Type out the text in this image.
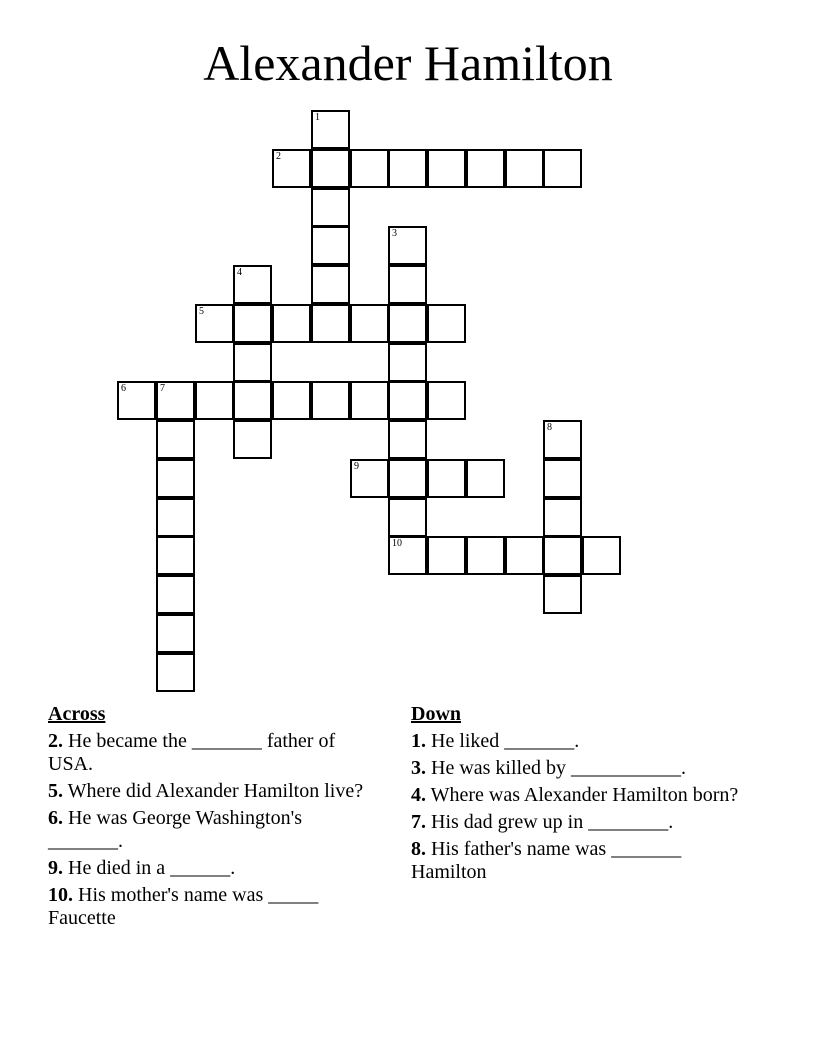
Alexander Hamilton
1
2
3
4
5
6	7
8
9
10
Across
2. He became the _______ father of USA.
5. Where did Alexander Hamilton live?
6. He was George Washington's _______.
9. He died in a ______.
10. His mother's name was _____ Faucette
Down
1. He liked _______.
3. He was killed by ___________.
4. Where was Alexander Hamilton born?
7. His dad grew up in ________.
8. His father's name was _______ Hamilton
